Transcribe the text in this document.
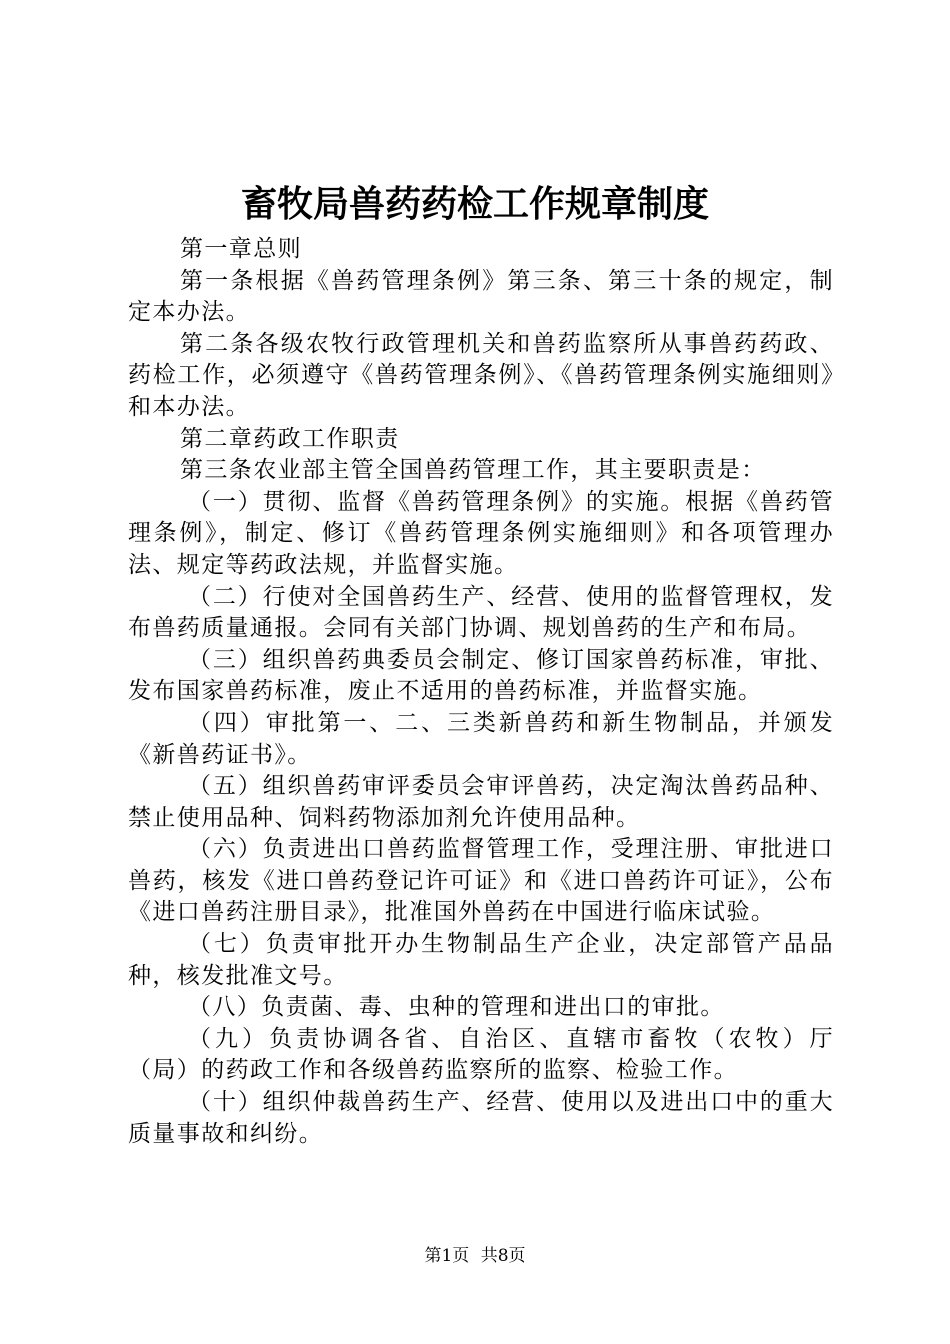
畜牧局兽药药检工作规章制度

第一章总则

第一条根据《兽药管理条例》第三条、第三十条的规定，制定本办法。

第二条各级农牧行政管理机关和兽药监察所从事兽药药政、药检工作，必须遵守《兽药管理条例》、《兽药管理条例实施细则》和本办法。

第二章药政工作职责

第三条农业部主管全国兽药管理工作，其主要职责是：

（一）贯彻、监督《兽药管理条例》的实施。根据《兽药管理条例》，制定、修订《兽药管理条例实施细则》和各项管理办法、规定等药政法规，并监督实施。

（二）行使对全国兽药生产、经营、使用的监督管理权，发布兽药质量通报。会同有关部门协调、规划兽药的生产和布局。

（三）组织兽药典委员会制定、修订国家兽药标准，审批、发布国家兽药标准，废止不适用的兽药标准，并监督实施。

（四）审批第一、二、三类新兽药和新生物制品，并颁发《新兽药证书》。

（五）组织兽药审评委员会审评兽药，决定淘汰兽药品种、禁止使用品种、饲料药物添加剂允许使用品种。

（六）负责进出口兽药监督管理工作，受理注册、审批进口兽药，核发《进口兽药登记许可证》和《进口兽药许可证》，公布《进口兽药注册目录》，批准国外兽药在中国进行临床试验。

（七）负责审批开办生物制品生产企业，决定部管产品品种，核发批准文号。

（八）负责菌、毒、虫种的管理和进出口的审批。

（九）负责协调各省、自治区、直辖市畜牧（农牧）厅（局）的药政工作和各级兽药监察所的监察、检验工作。

（十）组织仲裁兽药生产、经营、使用以及进出口中的重大质量事故和纠纷。

第1页 共8页
